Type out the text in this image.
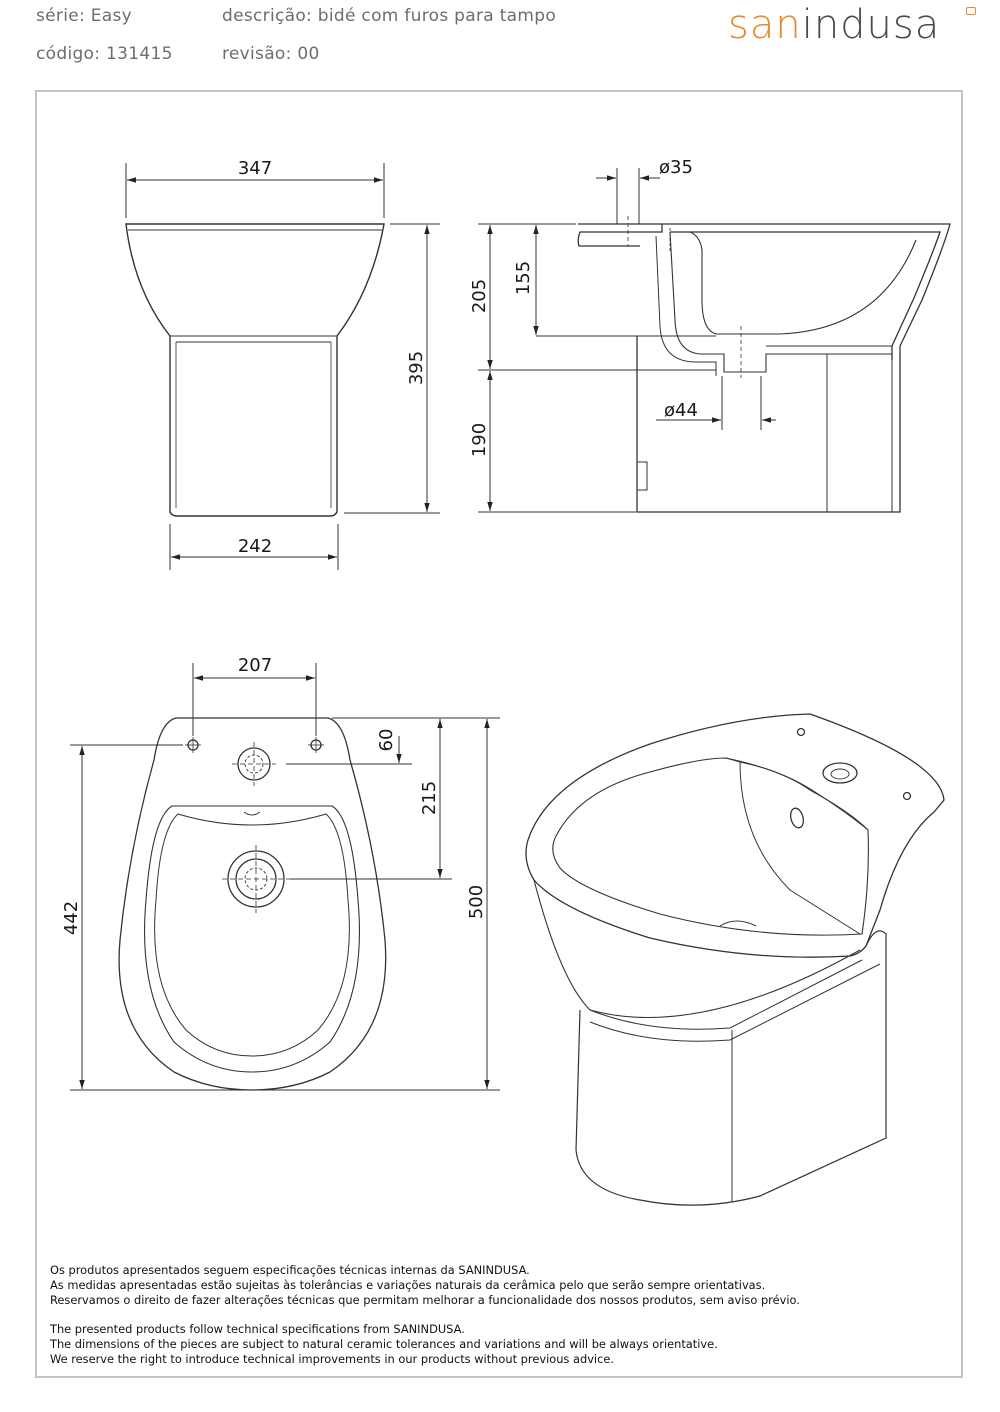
série: Easy
código: 131415
descrição: bidé com furos para tampo
revisão: 00
sanindusa
347
395
242
ø35
205
155
190
ø44
207
60
215
442	500
Os produtos apresentados seguem especificações técnicas internas da SANINDUSA.
As medidas apresentadas estão sujeitas às tolerâncias e variações naturais da cerâmica pelo que serão sempre orientativas.
Reservamos o direito de fazer alterações técnicas que permitam melhorar a funcionalidade dos nossos produtos, sem aviso prévio.
The presented products follow technical specifications from SANINDUSA.
The dimensions of the pieces are subject to natural ceramic tolerances and variations and will be always orientative.
We reserve the right to introduce technical improvements in our products without previous advice.
